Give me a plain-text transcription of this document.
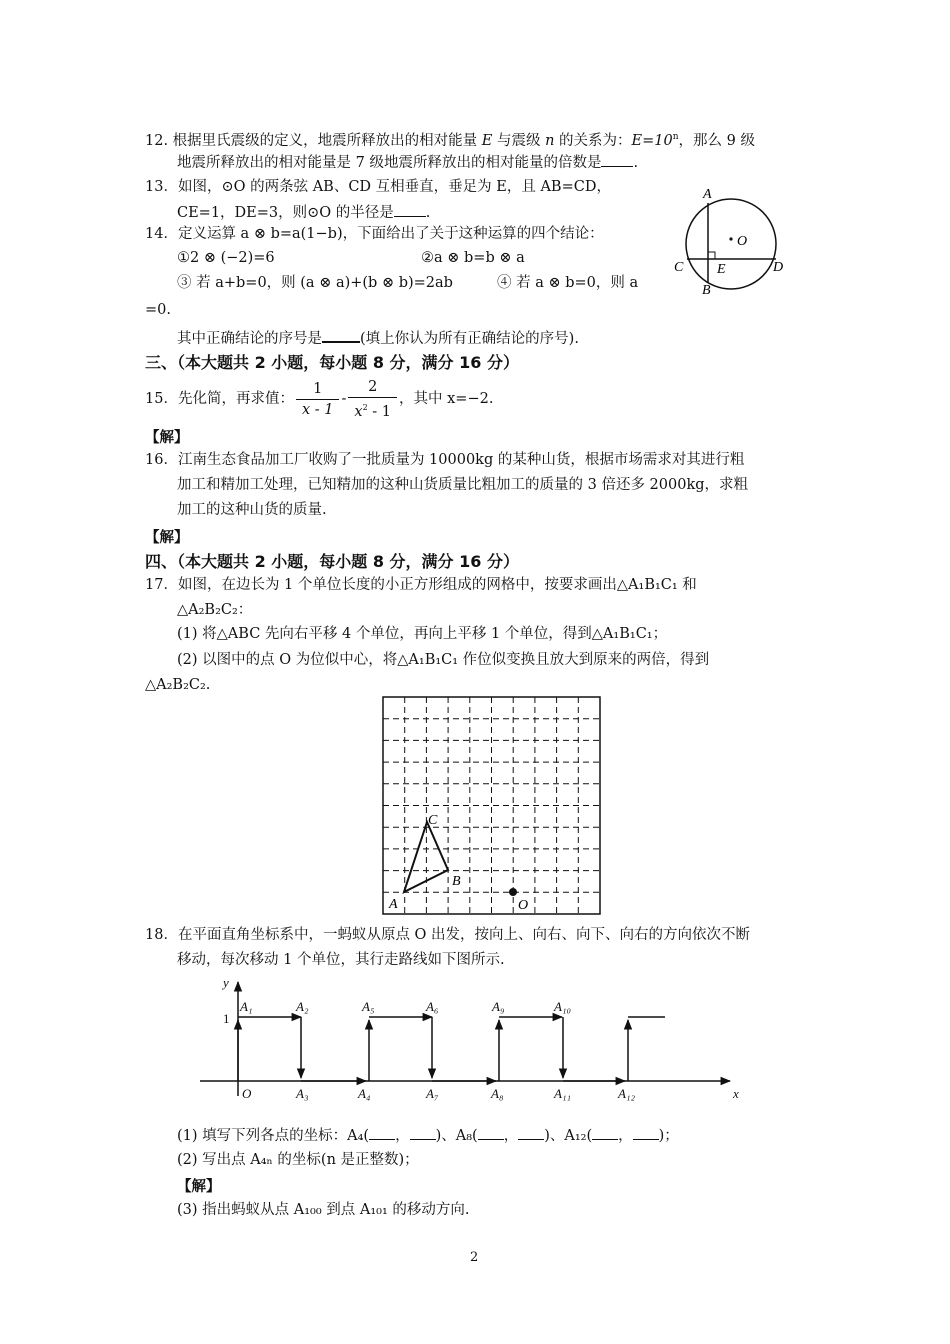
12. 根据里氏震级的定义，地震所释放出的相对能量 E 与震级 n 的关系为：$E=10^n$，那么 9 级
地震所释放出的相对能量是 7 级地震所释放出的相对能量的倍数是 .
13．如图，⊙O 的两条弦 AB、CD 互相垂直，垂足为 E，且 AB=CD，
CE=1，DE=3，则⊙O 的半径是 .
A
B
C	D
E
O
14．定义运算 a ⊗ b=a(1−b)，下面给出了关于这种运算的四个结论：
①2 ⊗ (−2)=6	②a ⊗ b=b ⊗ a
③ 若 a+b=0，则 (a ⊗ a)+(b ⊗ b)=2ab	④ 若 a ⊗ b=0，则 a
=0.
其中正确结论的序号是	(填上你认为所有正确结论的序号).
三、（本大题共 2 小题，每小题 8 分，满分 16 分）
15．先化简，再求值： $\frac{1}{x - 1} - \frac{2}{x^2 - 1}$ ，其中 x=−2.
【解】
16．江南生态食品加工厂收购了一批质量为 10000kg 的某种山货，根据市场需求对其进行粗
加工和精加工处理，已知精加的这种山货质量比粗加工的质量的 3 倍还多 2000kg，求粗
加工的这种山货的质量.
【解】
四、（本大题共 2 小题，每小题 8 分，满分 16 分）
17．如图，在边长为 1 个单位长度的小正方形组成的网格中，按要求画出△A₁B₁C₁ 和
△A₂B₂C₂：
(1) 将△ABC 先向右平移 4 个单位，再向上平移 1 个单位，得到△A₁B₁C₁；
(2) 以图中的点 O 为位似中心，将△A₁B₁C₁ 作位似变换且放大到原来的两倍，得到
△A₂B₂C₂.
A
B
C
O
18．在平面直角坐标系中，一蚂蚁从原点 O 出发，按向上、向右、向下、向右的方向依次不断
移动，每次移动 1 个单位，其行走路线如下图所示.
y
x
1
O
A₁	A₂
A₃	A₄
A₅	A₆
A₇	A₈
A₉	A₁₀
A₁₁	A₁₂
(1) 填写下列各点的坐标：A₄( ， )、A₈( ， )、A₁₂( ， )；
(2) 写出点 A₄ₙ 的坐标(n 是正整数)；
【解】
(3) 指出蚂蚁从点 A₁₀₀ 到点 A₁₀₁ 的移动方向.
2
